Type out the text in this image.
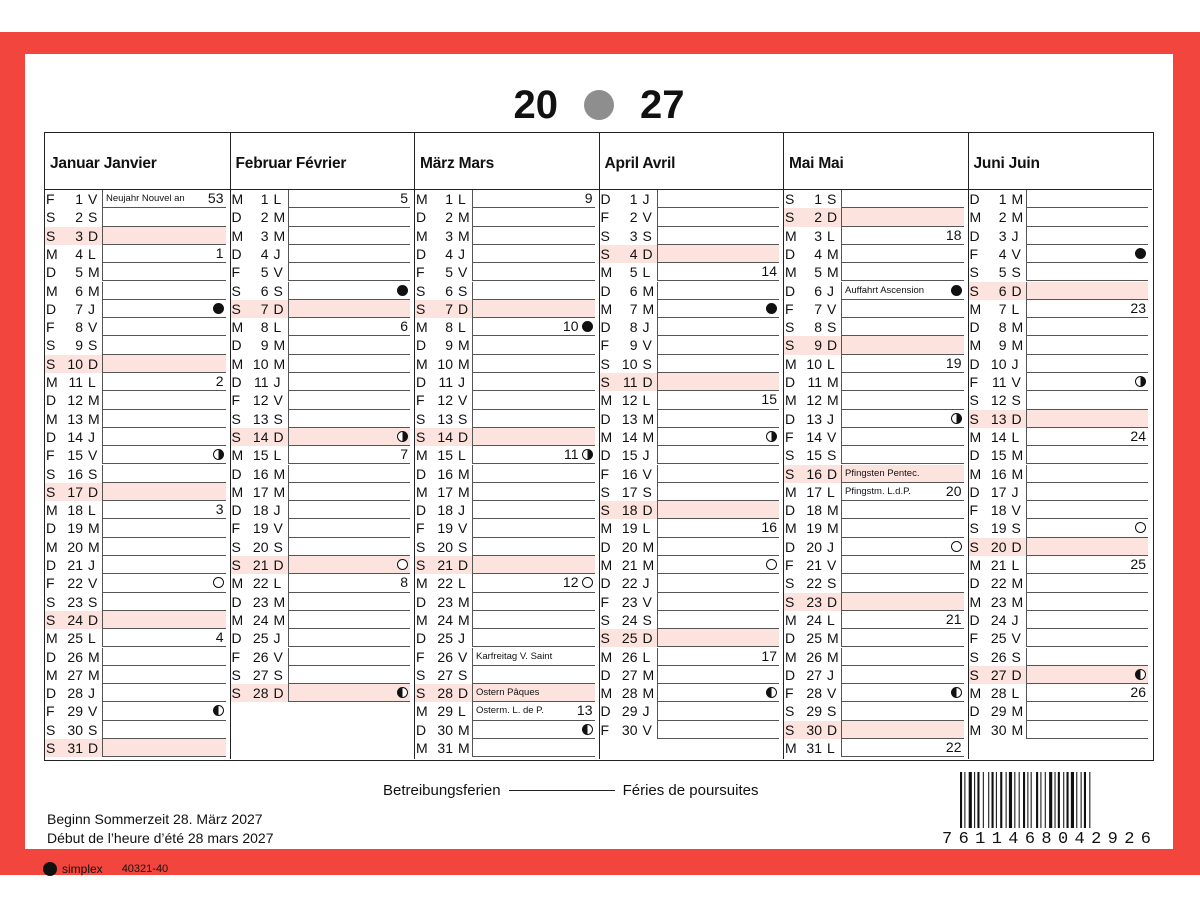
20 27
Januar Janvier
F	1 V Neujahr Nouvel an 53
S	2 S
S	3 D
M	4 L	1
D	5 M
M	6 M
D	7 J
F	8 V
S	9 S
S 10 D
M 11 L	2
D 12 M
M 13 M
D 14 J
F 15 V
S 16 S
S 17 D
M 18 L	3
D 19 M
M 20 M
D 21 J
F 22 V
S 23 S
S 24 D
M 25 L	4
D 26 M
M 27 M
D 28 J
F 29 V
S 30 S
S 31 D
Februar Février
M	1 L	5
D	2 M
M	3 M
D	4 J
F	5 V
S	6 S
S	7 D
M	8 L	6
D	9 M
M 10 M
D 11 J
F 12 V
S 13 S
S 14 D
M 15 L	7
D 16 M
M 17 M
D 18 J
F 19 V
S 20 S
S 21 D
M 22 L	8
D 23 M
M 24 M
D 25 J
F 26 V
S 27 S
S 28 D
März Mars
M	1 L	9
D	2 M
M	3 M
D	4 J
F	5 V
S	6 S
S	7 D
M	8 L	10
D	9 M
M 10 M
D 11 J
F 12 V
S 13 S
S 14 D
M 15 L	11
D 16 M
M 17 M
D 18 J
F 19 V
S 20 S
S 21 D
M 22 L	12
D 23 M
M 24 M
D 25 J
F 26 V Karfreitag V. Saint
S 27 S
S 28 D Ostern Pâques
M 29 L Osterm. L. de P. 13
D 30 M
M 31 M
April Avril
D	1 J
F	2 V
S	3 S
S	4 D
M	5 L	14
D	6 M
M	7 M
D	8 J
F	9 V
S 10 S
S 11 D
M 12 L	15
D 13 M
M 14 M
D 15 J
F 16 V
S 17 S
S 18 D
M 19 L	16
D 20 M
M 21 M
D 22 J
F 23 V
S 24 S
S 25 D
M 26 L	17
D 27 M
M 28 M
D 29 J
F 30 V
Mai Mai
S	1 S
S	2 D
M	3 L	18
D	4 M
M	5 M
D	6 J Auffahrt Ascension
F	7 V
S	8 S
S	9 D
M 10 L	19
D 11 M
M 12 M
D 13 J
F 14 V
S 15 S
S 16 D Pfingsten Pentec.
M 17 L Pfingstm. L.d.P.	20
D 18 M
M 19 M
D 20 J
F 21 V
S 22 S
S 23 D
M 24 L	21
D 25 M
M 26 M
D 27 J
F 28 V
S 29 S
S 30 D
M 31 L	22
Juni Juin
D	1 M
M	2 M
D	3 J
F	4 V
S	5 S
S	6 D
M	7 L	23
D	8 M
M	9 M
D 10 J
F 11 V
S 12 S
S 13 D
M 14 L	24
D 15 M
M 16 M
D 17 J
F 18 V
S 19 S
S 20 D
M 21 L	25
D 22 M
M 23 M
D 24 J
F 25 V
S 26 S
S 27 D
M 28 L	26
D 29 M
M 30 M
Betreibungsferien	Féries de poursuites
Beginn Sommerzeit 28. März 2027
Début de l’heure d’été 28 mars 2027
simplex 40321-40
7 6 1 1 4 6 8 0 4 2 9 2 6
